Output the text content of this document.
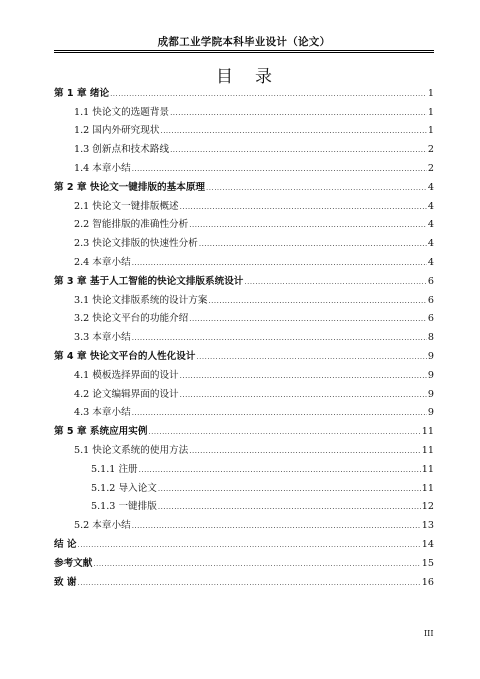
成都工业学院本科毕业设计（论文）
目录
第 1 章 绪论 .....	1
1.1 快论文的选题背景 .....	1
1.2 国内外研究现状 .....	1
1.3 创新点和技术路线 .....	2
1.4 本章小结 .....	2
第 2 章 快论文一键排版的基本原理 .....	4
2.1 快论文一键排版概述 .....	4
2.2 智能排版的准确性分析 .....	4
2.3 快论文排版的快速性分析 .....	4
2.4 本章小结 .....	4
第 3 章 基于人工智能的快论文排版系统设计 .....	6
3.1 快论文排版系统的设计方案 .....	6
3.2 快论文平台的功能介绍 .....	6
3.3 本章小结 .....	8
第 4 章 快论文平台的人性化设计 .....	9
4.1 模板选择界面的设计 .....	9
4.2 论文编辑界面的设计 .....	9
4.3 本章小结 .....	9
第 5 章 系统应用实例 .....	11
5.1 快论文系统的使用方法 .....	11
5.1.1 注册 .....	11
5.1.2 导入论文 .....	11
5.1.3 一键排版 .....	12
5.2 本章小结 .....	13
结 论 .....	14
参考文献 .....	15
致 谢 .....	16
III
